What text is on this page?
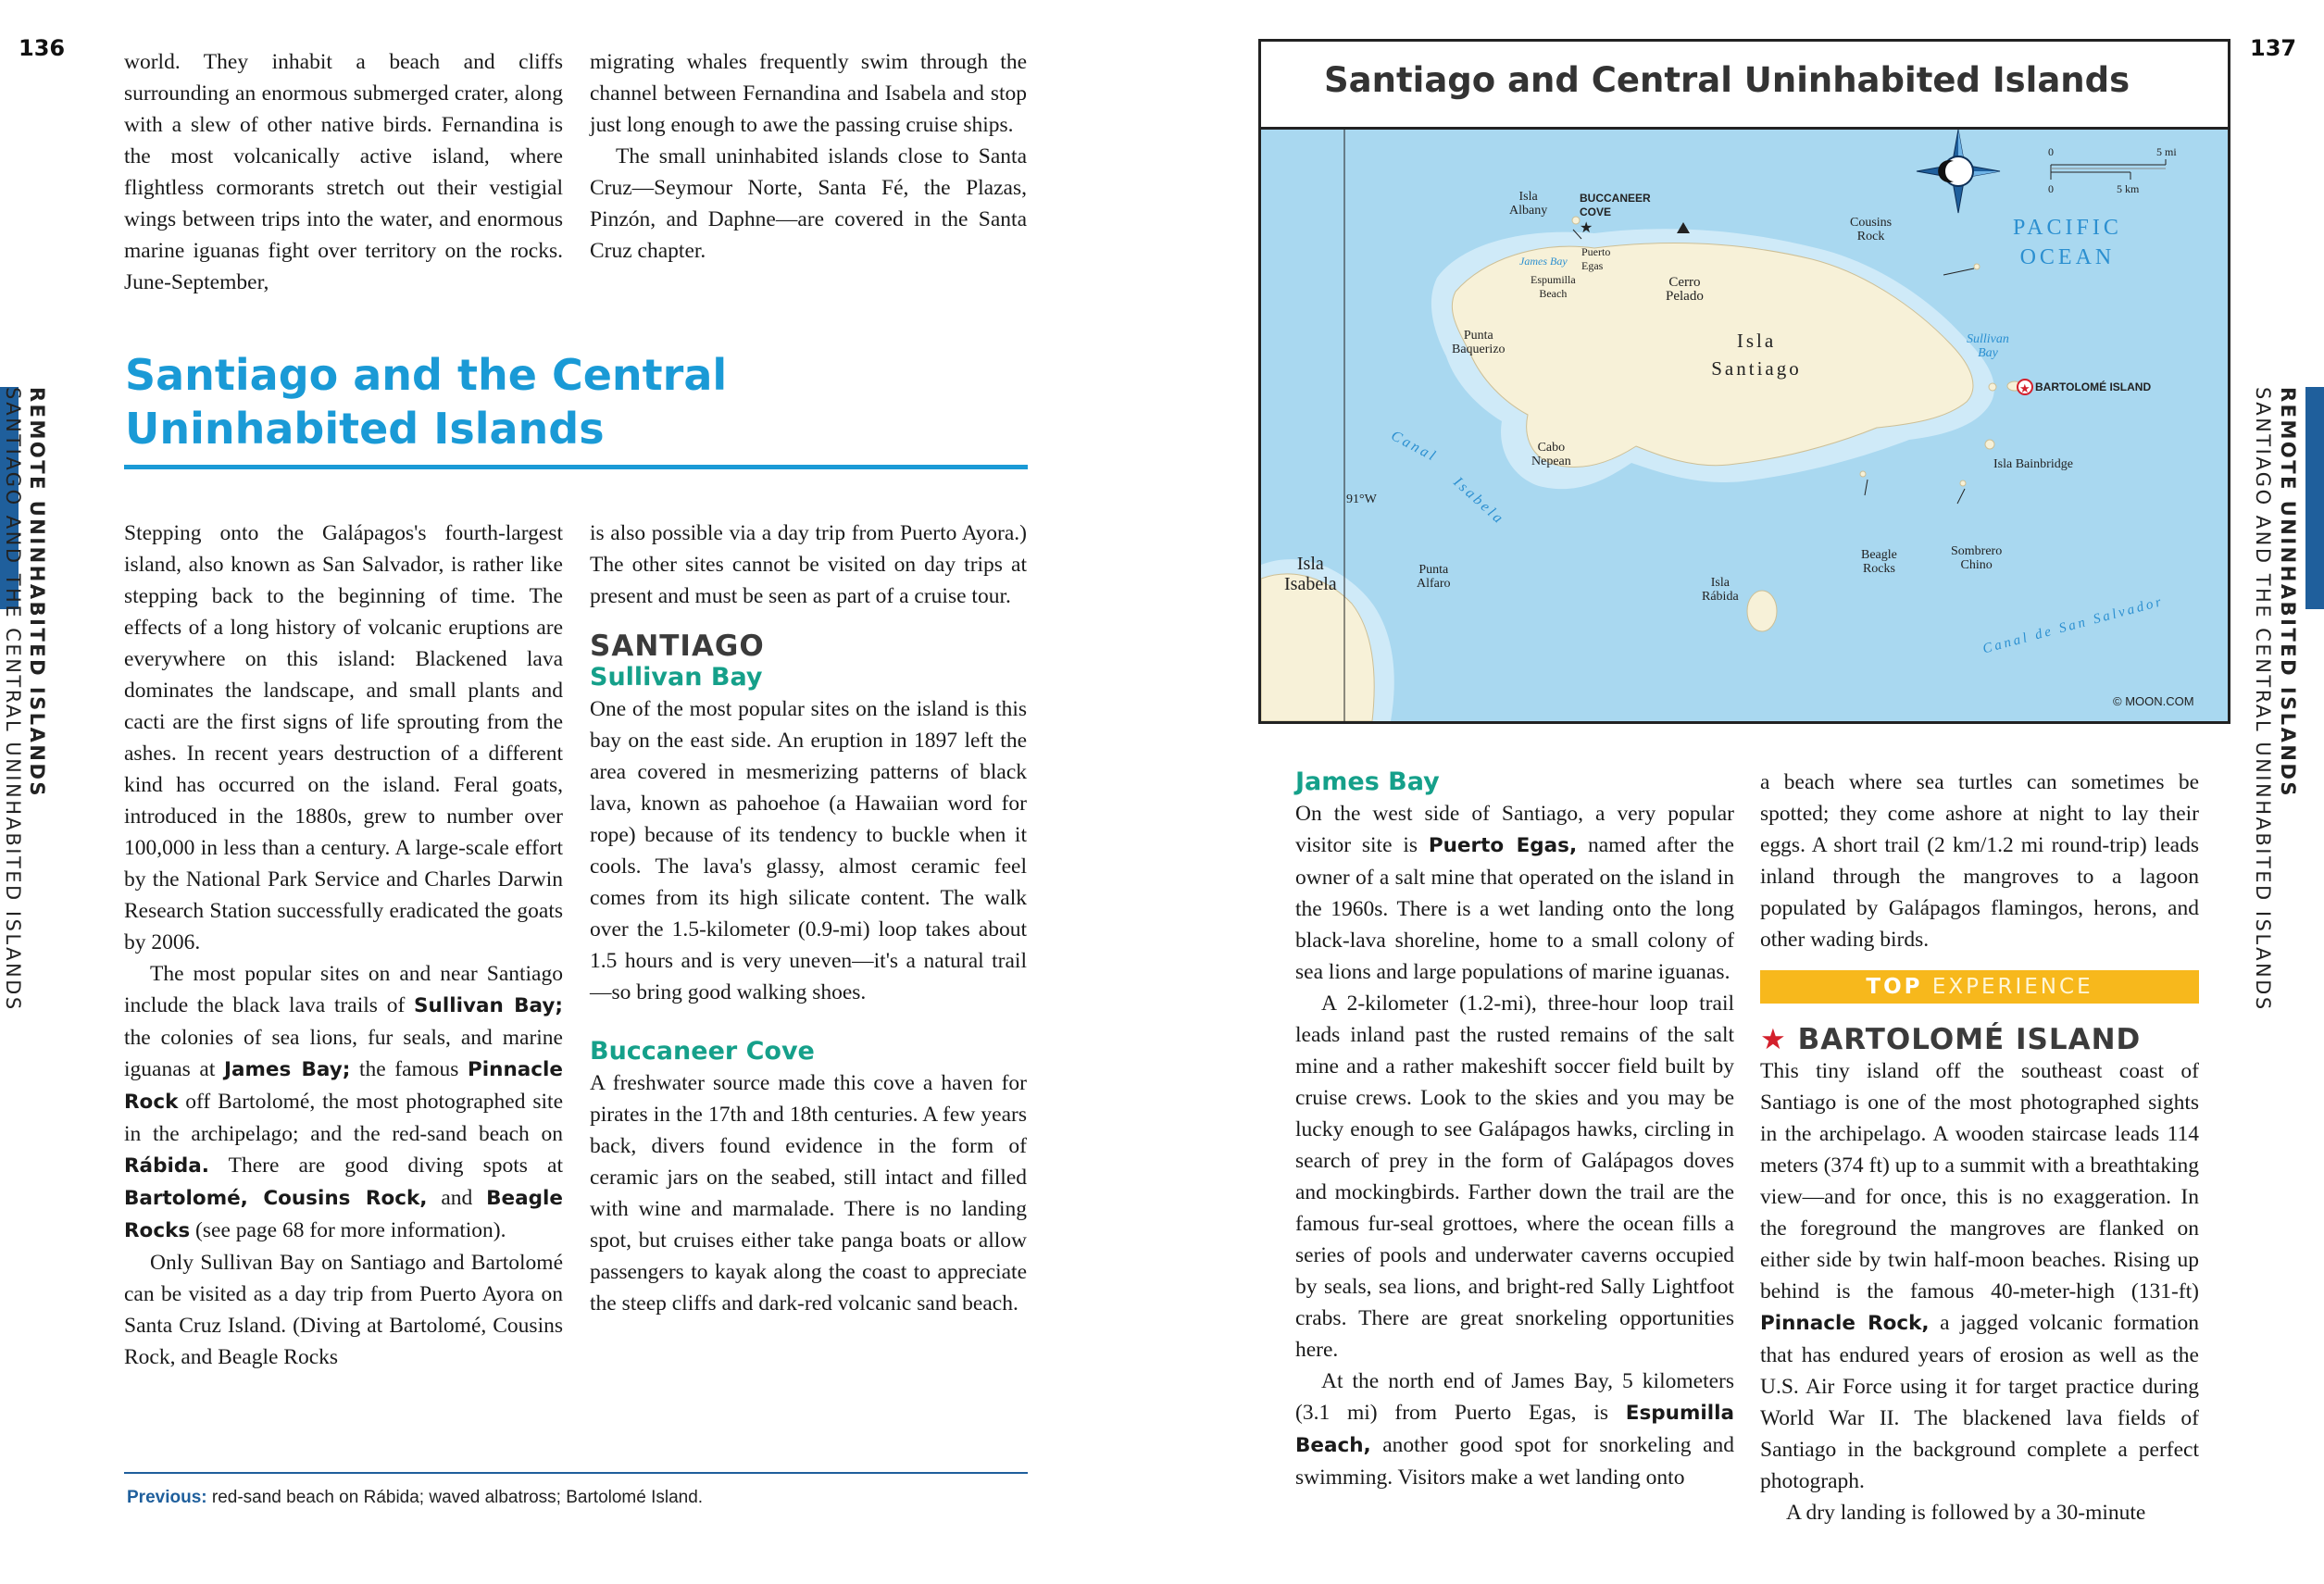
136

world. They inhabit a beach and cliffs surrounding an enormous submerged crater, along with a slew of other native birds. Fernandina is the most volcanically active island, where flightless cormorants stretch out their vestigial wings between trips into the water, and enormous marine iguanas fight over territory on the rocks. June-September,

migrating whales frequently swim through the channel between Fernandina and Isabela and stop just long enough to awe the passing cruise ships.

The small uninhabited islands close to Santa Cruz—Seymour Norte, Santa Fé, the Plazas, Pinzón, and Daphne—are covered in the Santa Cruz chapter.

Santiago and the Central
Uninhabited Islands

Stepping onto the Galápagos's fourth-largest island, also known as San Salvador, is rather like stepping back to the beginning of time. The effects of a long history of volcanic eruptions are everywhere on this island: Blackened lava dominates the landscape, and small plants and cacti are the first signs of life sprouting from the ashes. In recent years destruction of a different kind has occurred on the island. Feral goats, introduced in the 1880s, grew to number over 100,000 in less than a century. A large-scale effort by the National Park Service and Charles Darwin Research Station successfully eradicated the goats by 2006.

The most popular sites on and near Santiago include the black lava trails of Sullivan Bay; the colonies of sea lions, fur seals, and marine iguanas at James Bay; the famous Pinnacle Rock off Bartolomé, the most photographed site in the archipelago; and the red-sand beach on Rábida. There are good diving spots at Bartolomé, Cousins Rock, and Beagle Rocks (see page 68 for more information).

Only Sullivan Bay on Santiago and Bartolomé can be visited as a day trip from Puerto Ayora on Santa Cruz Island. (Diving at Bartolomé, Cousins Rock, and Beagle Rocks

is also possible via a day trip from Puerto Ayora.) The other sites cannot be visited on day trips at present and must be seen as part of a cruise tour.

SANTIAGO
Sullivan Bay

One of the most popular sites on the island is this bay on the east side. An eruption in 1897 left the area covered in mesmerizing patterns of black lava, known as pahoehoe (a Hawaiian word for rope) because of its tendency to buckle when it cools. The lava's glassy, almost ceramic feel comes from its high silicate content. The walk over the 1.5-kilometer (0.9-mi) loop takes about 1.5 hours and is very uneven—it's a natural trail—so bring good walking shoes.

Buccaneer Cove

A freshwater source made this cove a haven for pirates in the 17th and 18th centuries. A few years back, divers found evidence in the form of ceramic jars on the seabed, still intact and filled with wine and marmalade. There is no landing spot, but cruises either take panga boats or allow passengers to kayak along the coast to appreciate the steep cliffs and dark-red volcanic sand beach.

Previous: red-sand beach on Rábida; waved albatross; Bartolomé Island.
REMOTE UNINHABITED ISLANDS
SANTIAGO AND THE CENTRAL UNINHABITED ISLANDS
137
Santiago and Central Uninhabited Islands
★
★
PACIFIC
OCEAN
Isla
Santiago
Isla
Albany
BUCCANEER
COVE
Puerto
Egas
James Bay
Espumilla
Beach
Cerro
Pelado
Cousins
Rock
Punta
Baquerizo
Sullivan
Bay
BARTOLOMÉ ISLAND
Canal
Isabela
Cabo
Nepean	Isla Bainbridge
91°W
Isla
Isabela
Punta
Alfaro	Isla
Rábida
Beagle
Rocks
Sombrero
Chino
Canal de San Salvador
© MOON.COM
0	5 mi
0	5 km
James Bay

On the west side of Santiago, a very popular visitor site is Puerto Egas, named after the owner of a salt mine that operated on the island in the 1960s. There is a wet landing onto the long black-lava shoreline, home to a small colony of sea lions and large populations of marine iguanas.

A 2-kilometer (1.2-mi), three-hour loop trail leads inland past the rusted remains of the salt mine and a rather makeshift soccer field built by cruise crews. Look to the skies and you may be lucky enough to see Galápagos hawks, circling in search of prey in the form of Galápagos doves and mockingbirds. Farther down the trail are the famous fur-seal grottoes, where the ocean fills a series of pools and underwater caverns occupied by seals, sea lions, and bright-red Sally Lightfoot crabs. There are great snorkeling opportunities here.

At the north end of James Bay, 5 kilometers (3.1 mi) from Puerto Egas, is Espumilla Beach, another good spot for snorkeling and swimming. Visitors make a wet landing onto

a beach where sea turtles can sometimes be spotted; they come ashore at night to lay their eggs. A short trail (2 km/1.2 mi round-trip) leads inland through the mangroves to a lagoon populated by Galápagos flamingos, herons, and other wading birds.

TOP EXPERIENCE
★ BARTOLOMÉ ISLAND

This tiny island off the southeast coast of Santiago is one of the most photographed sights in the archipelago. A wooden staircase leads 114 meters (374 ft) up to a summit with a breathtaking view—and for once, this is no exaggeration. In the foreground the mangroves are flanked on either side by twin half-moon beaches. Rising up behind is the famous 40-meter-high (131-ft) Pinnacle Rock, a jagged volcanic formation that has endured years of erosion as well as the U.S. Air Force using it for target practice during World War II. The blackened lava fields of Santiago in the background complete a perfect photograph.

A dry landing is followed by a 30-minute

REMOTE UNINHABITED ISLANDS
SANTIAGO AND THE CENTRAL UNINHABITED ISLANDS
